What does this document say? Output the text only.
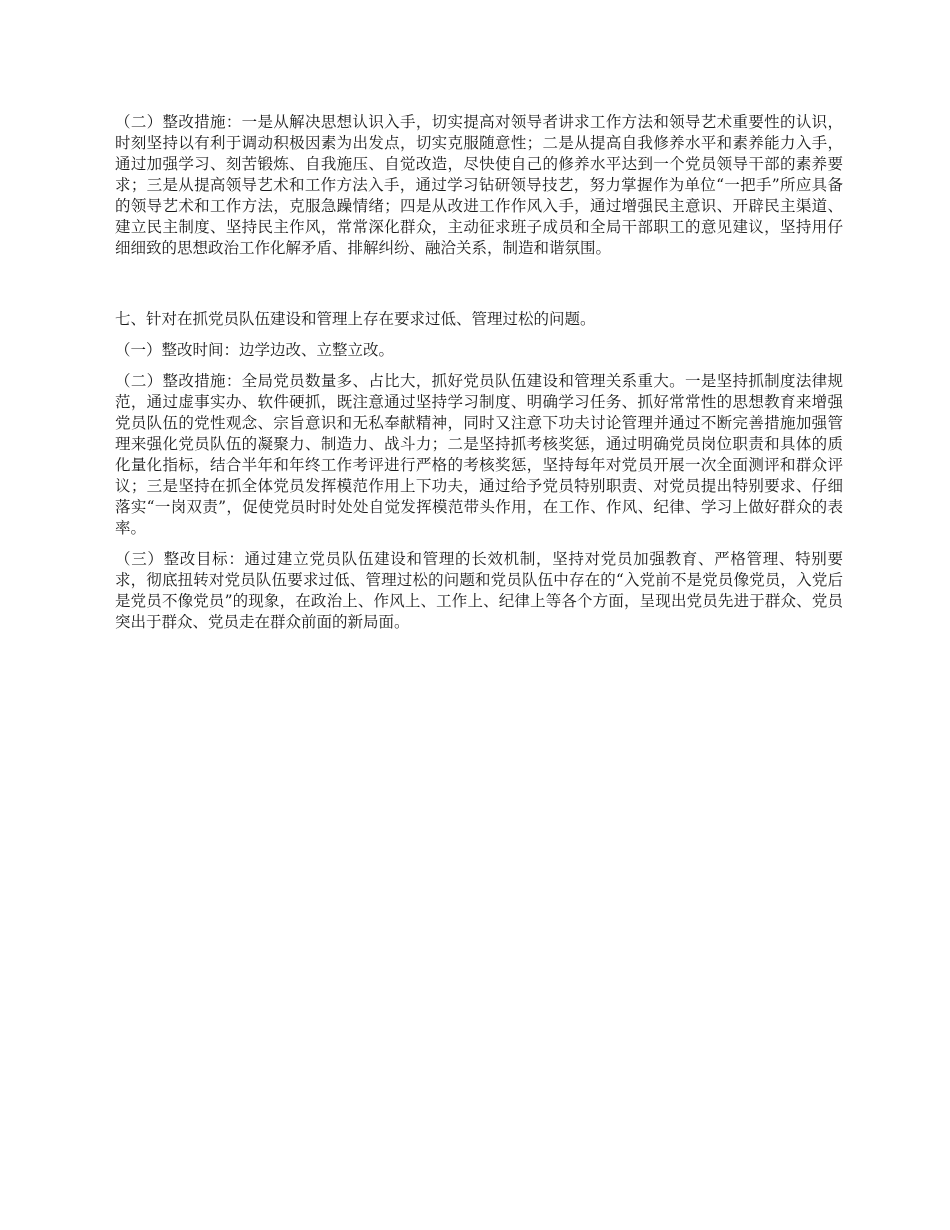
（二）整改措施：一是从解决思想认识入手，切实提高对领导者讲求工作方法和领导艺术重要性的认识，时刻坚持以有利于调动积极因素为出发点，切实克服随意性；二是从提高自我修养水平和素养能力入手，通过加强学习、刻苦锻炼、自我施压、自觉改造，尽快使自己的修养水平达到一个党员领导干部的素养要求；三是从提高领导艺术和工作方法入手，通过学习钻研领导技艺，努力掌握作为单位“一把手”所应具备的领导艺术和工作方法，克服急躁情绪；四是从改进工作作风入手，通过增强民主意识、开辟民主渠道、建立民主制度、坚持民主作风，常常深化群众，主动征求班子成员和全局干部职工的意见建议，坚持用仔细细致的思想政治工作化解矛盾、排解纠纷、融洽关系，制造和谐氛围。

七、针对在抓党员队伍建设和管理上存在要求过低、管理过松的问题。

（一）整改时间：边学边改、立整立改。

（二）整改措施：全局党员数量多、占比大，抓好党员队伍建设和管理关系重大。一是坚持抓制度法律规范，通过虚事实办、软件硬抓，既注意通过坚持学习制度、明确学习任务、抓好常常性的思想教育来增强党员队伍的党性观念、宗旨意识和无私奉献精神，同时又注意下功夫讨论管理并通过不断完善措施加强管理来强化党员队伍的凝聚力、制造力、战斗力；二是坚持抓考核奖惩，通过明确党员岗位职责和具体的质化量化指标，结合半年和年终工作考评进行严格的考核奖惩，坚持每年对党员开展一次全面测评和群众评议；三是坚持在抓全体党员发挥模范作用上下功夫，通过给予党员特别职责、对党员提出特别要求、仔细落实“一岗双责”，促使党员时时处处自觉发挥模范带头作用，在工作、作风、纪律、学习上做好群众的表率。

（三）整改目标：通过建立党员队伍建设和管理的长效机制，坚持对党员加强教育、严格管理、特别要求，彻底扭转对党员队伍要求过低、管理过松的问题和党员队伍中存在的“入党前不是党员像党员，入党后是党员不像党员”的现象，在政治上、作风上、工作上、纪律上等各个方面，呈现出党员先进于群众、党员突出于群众、党员走在群众前面的新局面。
